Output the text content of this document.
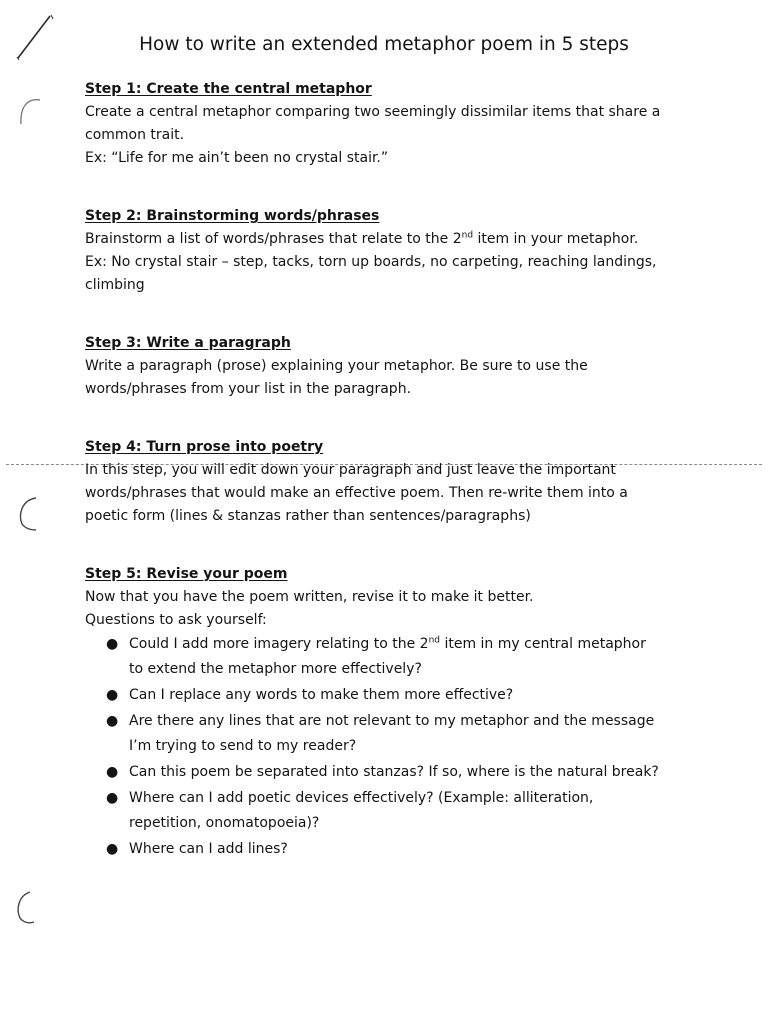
How to write an extended metaphor poem in 5 steps
Step 1: Create the central metaphor
Create a central metaphor comparing two seemingly dissimilar items that share a
common trait.
Ex: “Life for me ain’t been no crystal stair.”
Step 2: Brainstorming words/phrases
Brainstorm a list of words/phrases that relate to the 2nd item in your metaphor.
Ex: No crystal stair – step, tacks, torn up boards, no carpeting, reaching landings,
climbing
Step 3: Write a paragraph
Write a paragraph (prose) explaining your metaphor. Be sure to use the
words/phrases from your list in the paragraph.
Step 4: Turn prose into poetry
In this step, you will edit down your paragraph and just leave the important
words/phrases that would make an effective poem. Then re-write them into a
poetic form (lines & stanzas rather than sentences/paragraphs)
Step 5: Revise your poem
Now that you have the poem written, revise it to make it better.
Questions to ask yourself:
● Could I add more imagery relating to the 2nd item in my central metaphor
to extend the metaphor more effectively?
● Can I replace any words to make them more effective?
● Are there any lines that are not relevant to my metaphor and the message
I’m trying to send to my reader?
● Can this poem be separated into stanzas? If so, where is the natural break?
● Where can I add poetic devices effectively? (Example: alliteration,
repetition, onomatopoeia)?
● Where can I add lines?
